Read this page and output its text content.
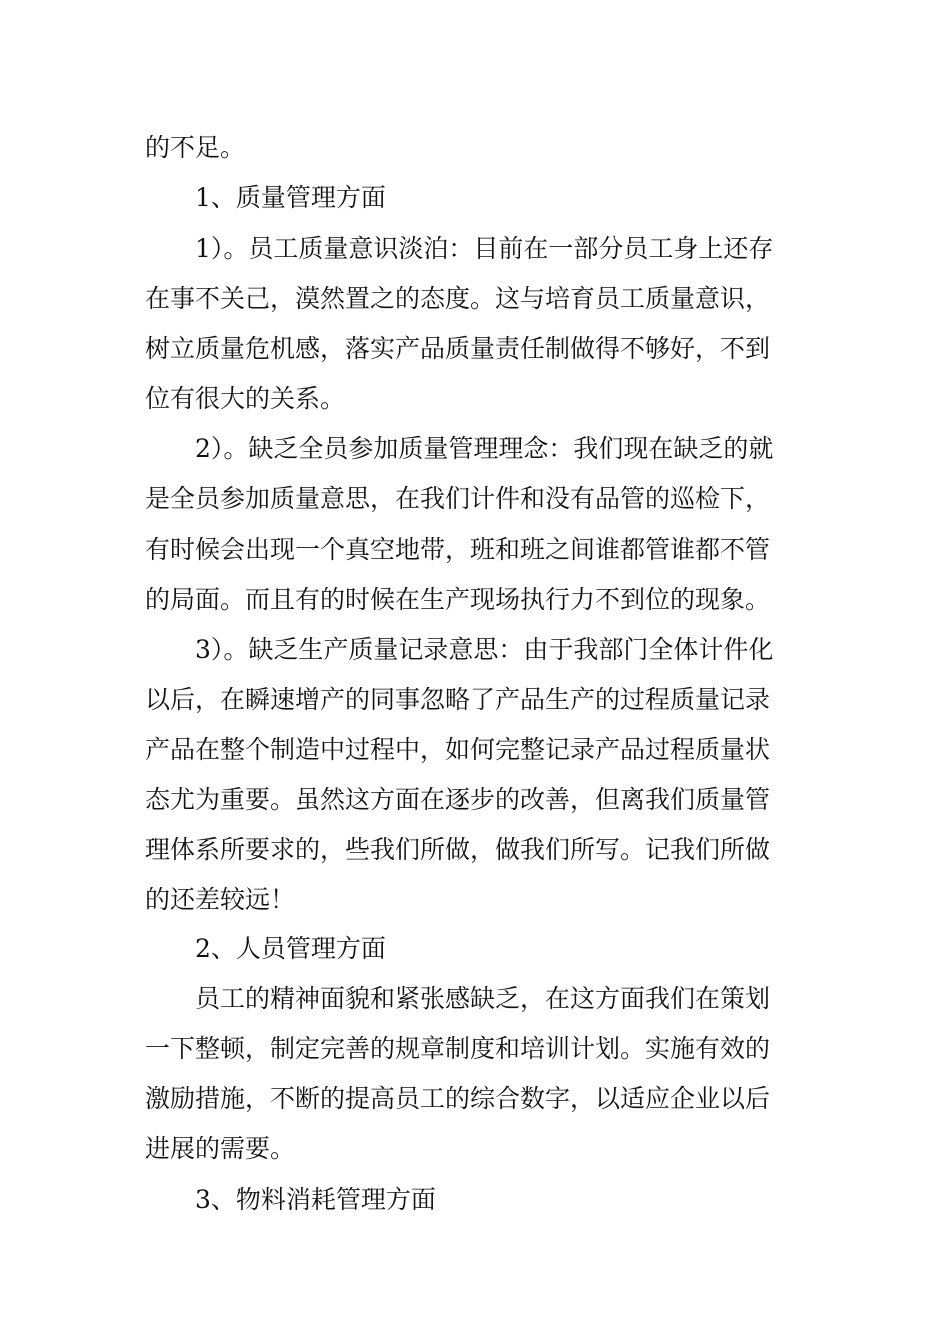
的不足。
1、质量管理方面
1）。员工质量意识淡泊：目前在一部分员工身上还存
在事不关己，漠然置之的态度。这与培育员工质量意识，
树立质量危机感，落实产品质量责任制做得不够好，不到
位有很大的关系。
2）。缺乏全员参加质量管理理念：我们现在缺乏的就
是全员参加质量意思，在我们计件和没有品管的巡检下，
有时候会出现一个真空地带，班和班之间谁都管谁都不管
的局面。而且有的时候在生产现场执行力不到位的现象。
3）。缺乏生产质量记录意思：由于我部门全体计件化
以后，在瞬速增产的同事忽略了产品生产的过程质量记录
产品在整个制造中过程中，如何完整记录产品过程质量状
态尤为重要。虽然这方面在逐步的改善，但离我们质量管
理体系所要求的，些我们所做，做我们所写。记我们所做
的还差较远！
2、人员管理方面
员工的精神面貌和紧张感缺乏，在这方面我们在策划
一下整顿，制定完善的规章制度和培训计划。实施有效的
激励措施，不断的提高员工的综合数字，以适应企业以后
进展的需要。
3、物料消耗管理方面
